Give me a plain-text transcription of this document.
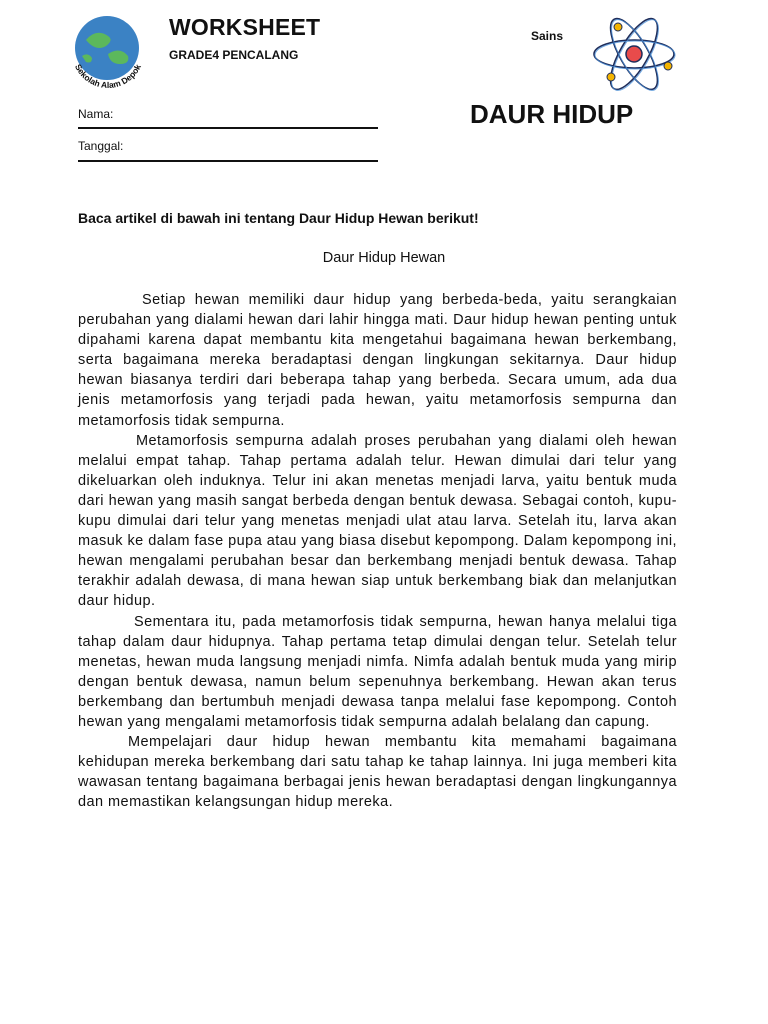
Sekolah Alam Depok
WORKSHEET
GRADE4 PENCALANG
Sains
DAUR HIDUP
Nama:
Tanggal:
Baca artikel di bawah ini tentang Daur Hidup Hewan berikut!
Daur Hidup Hewan

Setiap hewan memiliki daur hidup yang berbeda-beda, yaitu serangkaian perubahan yang dialami hewan dari lahir hingga mati. Daur hidup hewan penting untuk dipahami karena dapat membantu kita mengetahui bagaimana hewan berkembang, serta bagaimana mereka beradaptasi dengan lingkungan sekitarnya. Daur hidup hewan biasanya terdiri dari beberapa tahap yang berbeda. Secara umum, ada dua jenis metamorfosis yang terjadi pada hewan, yaitu metamorfosis sempurna dan metamorfosis tidak sempurna.

Metamorfosis sempurna adalah proses perubahan yang dialami oleh hewan melalui empat tahap. Tahap pertama adalah telur. Hewan dimulai dari telur yang dikeluarkan oleh induknya. Telur ini akan menetas menjadi larva, yaitu bentuk muda dari hewan yang masih sangat berbeda dengan bentuk dewasa. Sebagai contoh, kupu-kupu dimulai dari telur yang menetas menjadi ulat atau larva. Setelah itu, larva akan masuk ke dalam fase pupa atau yang biasa disebut kepompong. Dalam kepompong ini, hewan mengalami perubahan besar dan berkembang menjadi bentuk dewasa. Tahap terakhir adalah dewasa, di mana hewan siap untuk berkembang biak dan melanjutkan daur hidup.

Sementara itu, pada metamorfosis tidak sempurna, hewan hanya melalui tiga tahap dalam daur hidupnya. Tahap pertama tetap dimulai dengan telur. Setelah telur menetas, hewan muda langsung menjadi nimfa. Nimfa adalah bentuk muda yang mirip dengan bentuk dewasa, namun belum sepenuhnya berkembang. Hewan akan terus berkembang dan bertumbuh menjadi dewasa tanpa melalui fase kepompong. Contoh hewan yang mengalami metamorfosis tidak sempurna adalah belalang dan capung.

Mempelajari daur hidup hewan membantu kita memahami bagaimana kehidupan mereka berkembang dari satu tahap ke tahap lainnya. Ini juga memberi kita wawasan tentang bagaimana berbagai jenis hewan beradaptasi dengan lingkungannya dan memastikan kelangsungan hidup mereka.
